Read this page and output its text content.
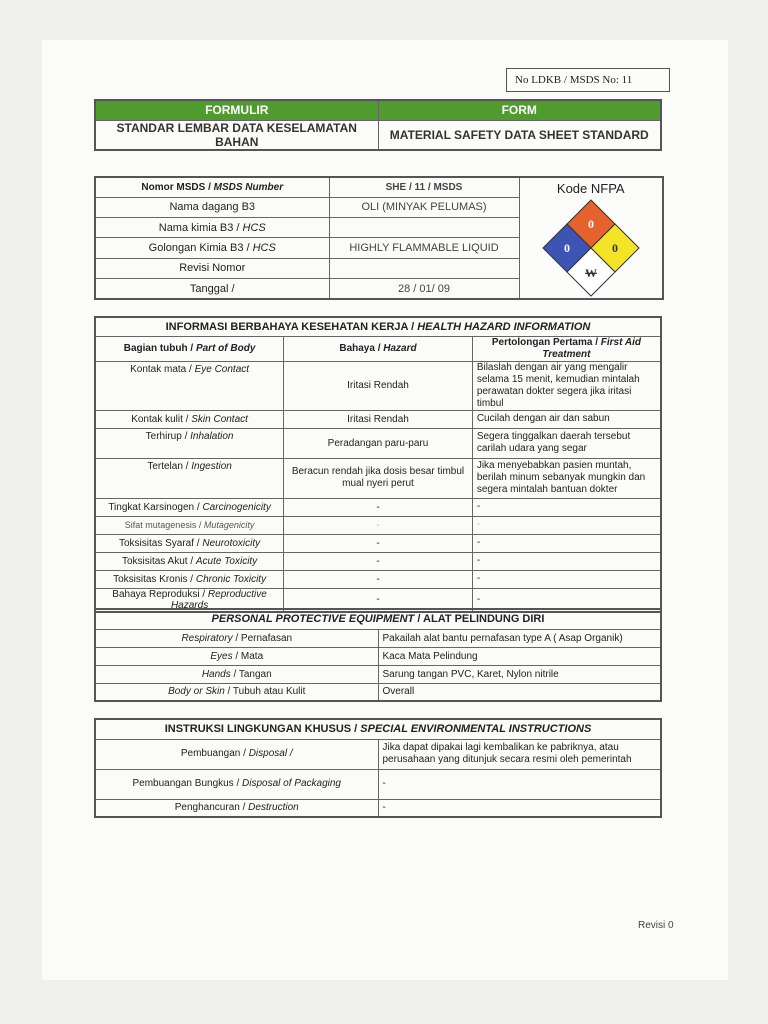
No LDKB / MSDS No: 11
FORMULIR	FORM
STANDAR LEMBAR DATA KESELAMATAN BAHAN	MATERIAL SAFETY DATA SHEET STANDARD
Nomor MSDS / MSDS Number	SHE / 11 / MSDS	Kode NFPA
0
0 0
W

Nama dagang B3	OLI (MINYAK PELUMAS)	
Nama kimia B3 / HCS		
Golongan Kimia B3 / HCS	HIGHLY FLAMMABLE LIQUID	
Revisi Nomor		
Tanggal /	28 / 01/ 09	
INFORMASI BERBAHAYA KESEHATAN KERJA / HEALTH HAZARD INFORMATION		
Bagian tubuh / Part of Body	Bahaya / Hazard	Pertolongan Pertama / First Aid Treatment
Kontak mata / Eye Contact	Iritasi Rendah	Bilaslah dengan air yang mengalir selama 15 menit, kemudian mintalah perawatan dokter segera jika iritasi timbul
Kontak kulit / Skin Contact	Iritasi Rendah	Cucilah dengan air dan sabun
Terhirup / Inhalation	Peradangan paru-paru	Segera tinggalkan daerah tersebut carilah udara yang segar
Tertelan / Ingestion	Beracun rendah jika dosis besar timbul mual nyeri perut	Jika menyebabkan pasien muntah, berilah minum sebanyak mungkin dan segera mintalah bantuan dokter
Tingkat Karsinogen / Carcinogenicity	-	-
Sifat mutagenesis / Mutagenicity	-	-
Toksisitas Syaraf / Neurotoxicity	-	-
Toksisitas Akut / Acute Toxicity	-	-
Toksisitas Kronis / Chronic Toxicity	-	-
Bahaya Reproduksi / Reproductive Hazards	-	-
PERSONAL PROTECTIVE EQUIPMENT / ALAT PELINDUNG DIRI	
Respiratory / Pernafasan	Pakailah alat bantu pernafasan type A ( Asap Organik)
Eyes / Mata	Kaca Mata Pelindung
Hands / Tangan	Sarung tangan PVC, Karet, Nylon nitrile
Body or Skin / Tubuh atau Kulit	Overall
INSTRUKSI LINGKUNGAN KHUSUS / SPECIAL ENVIRONMENTAL INSTRUCTIONS	
Pembuangan / Disposal /	Jika dapat dipakai lagi kembalikan ke pabriknya, atau perusahaan yang ditunjuk secara resmi oleh pemerintah
Pembuangan Bungkus / Disposal of Packaging	-
Penghancuran / Destruction	-
Revisi 0
